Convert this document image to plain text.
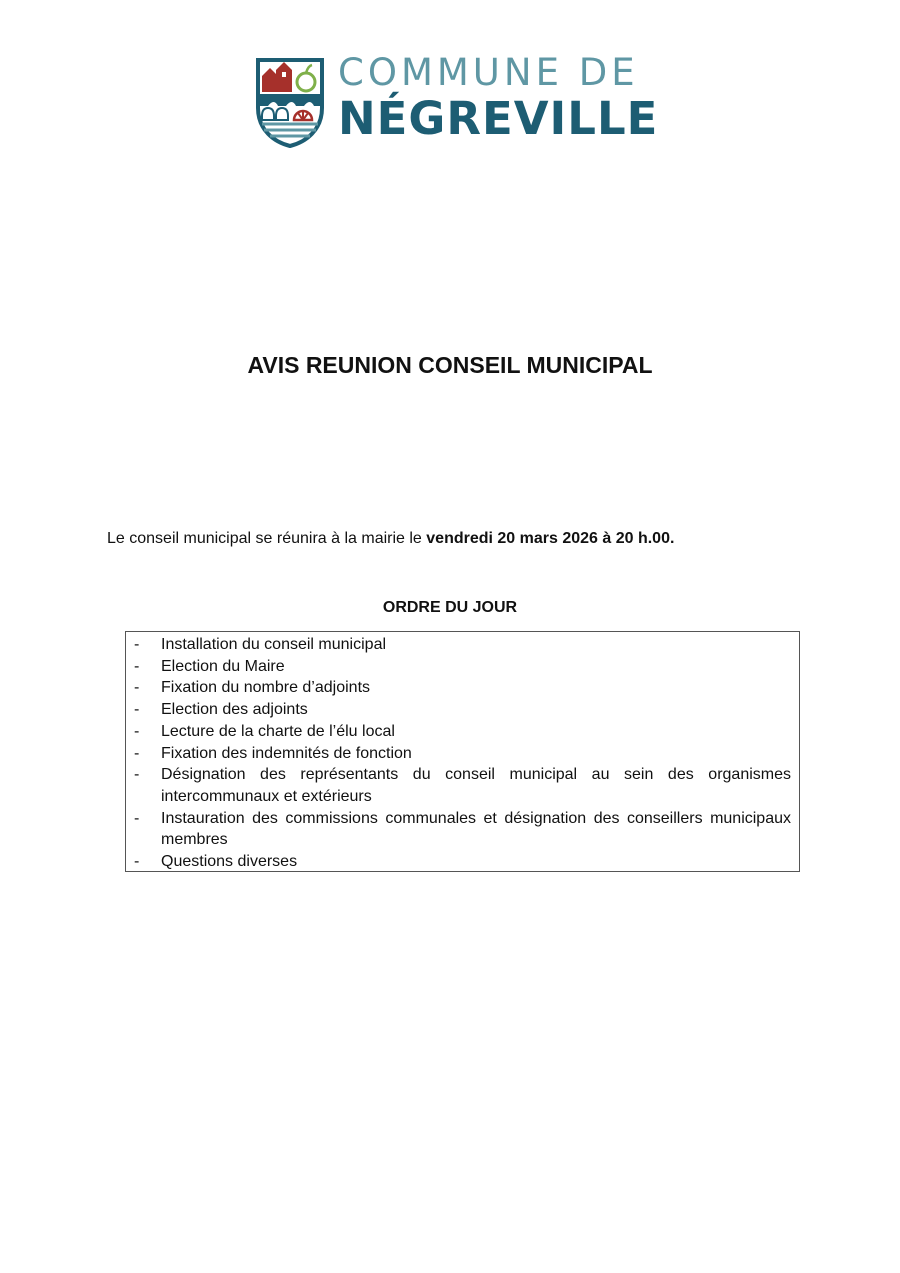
COMMUNE DE
NÉGREVILLE
AVIS REUNION CONSEIL MUNICIPAL
Le conseil municipal se réunira à la mairie le vendredi 20 mars 2026 à 20 h.00.
ORDRE DU JOUR
- Installation du conseil municipal
- Election du Maire
- Fixation du nombre d’adjoints
- Election des adjoints
- Lecture de la charte de l’élu local
- Fixation des indemnités de fonction
- Désignation des représentants du conseil municipal au sein des organismes intercommunaux et extérieurs
- Instauration des commissions communales et désignation des conseillers municipaux membres
- Questions diverses
